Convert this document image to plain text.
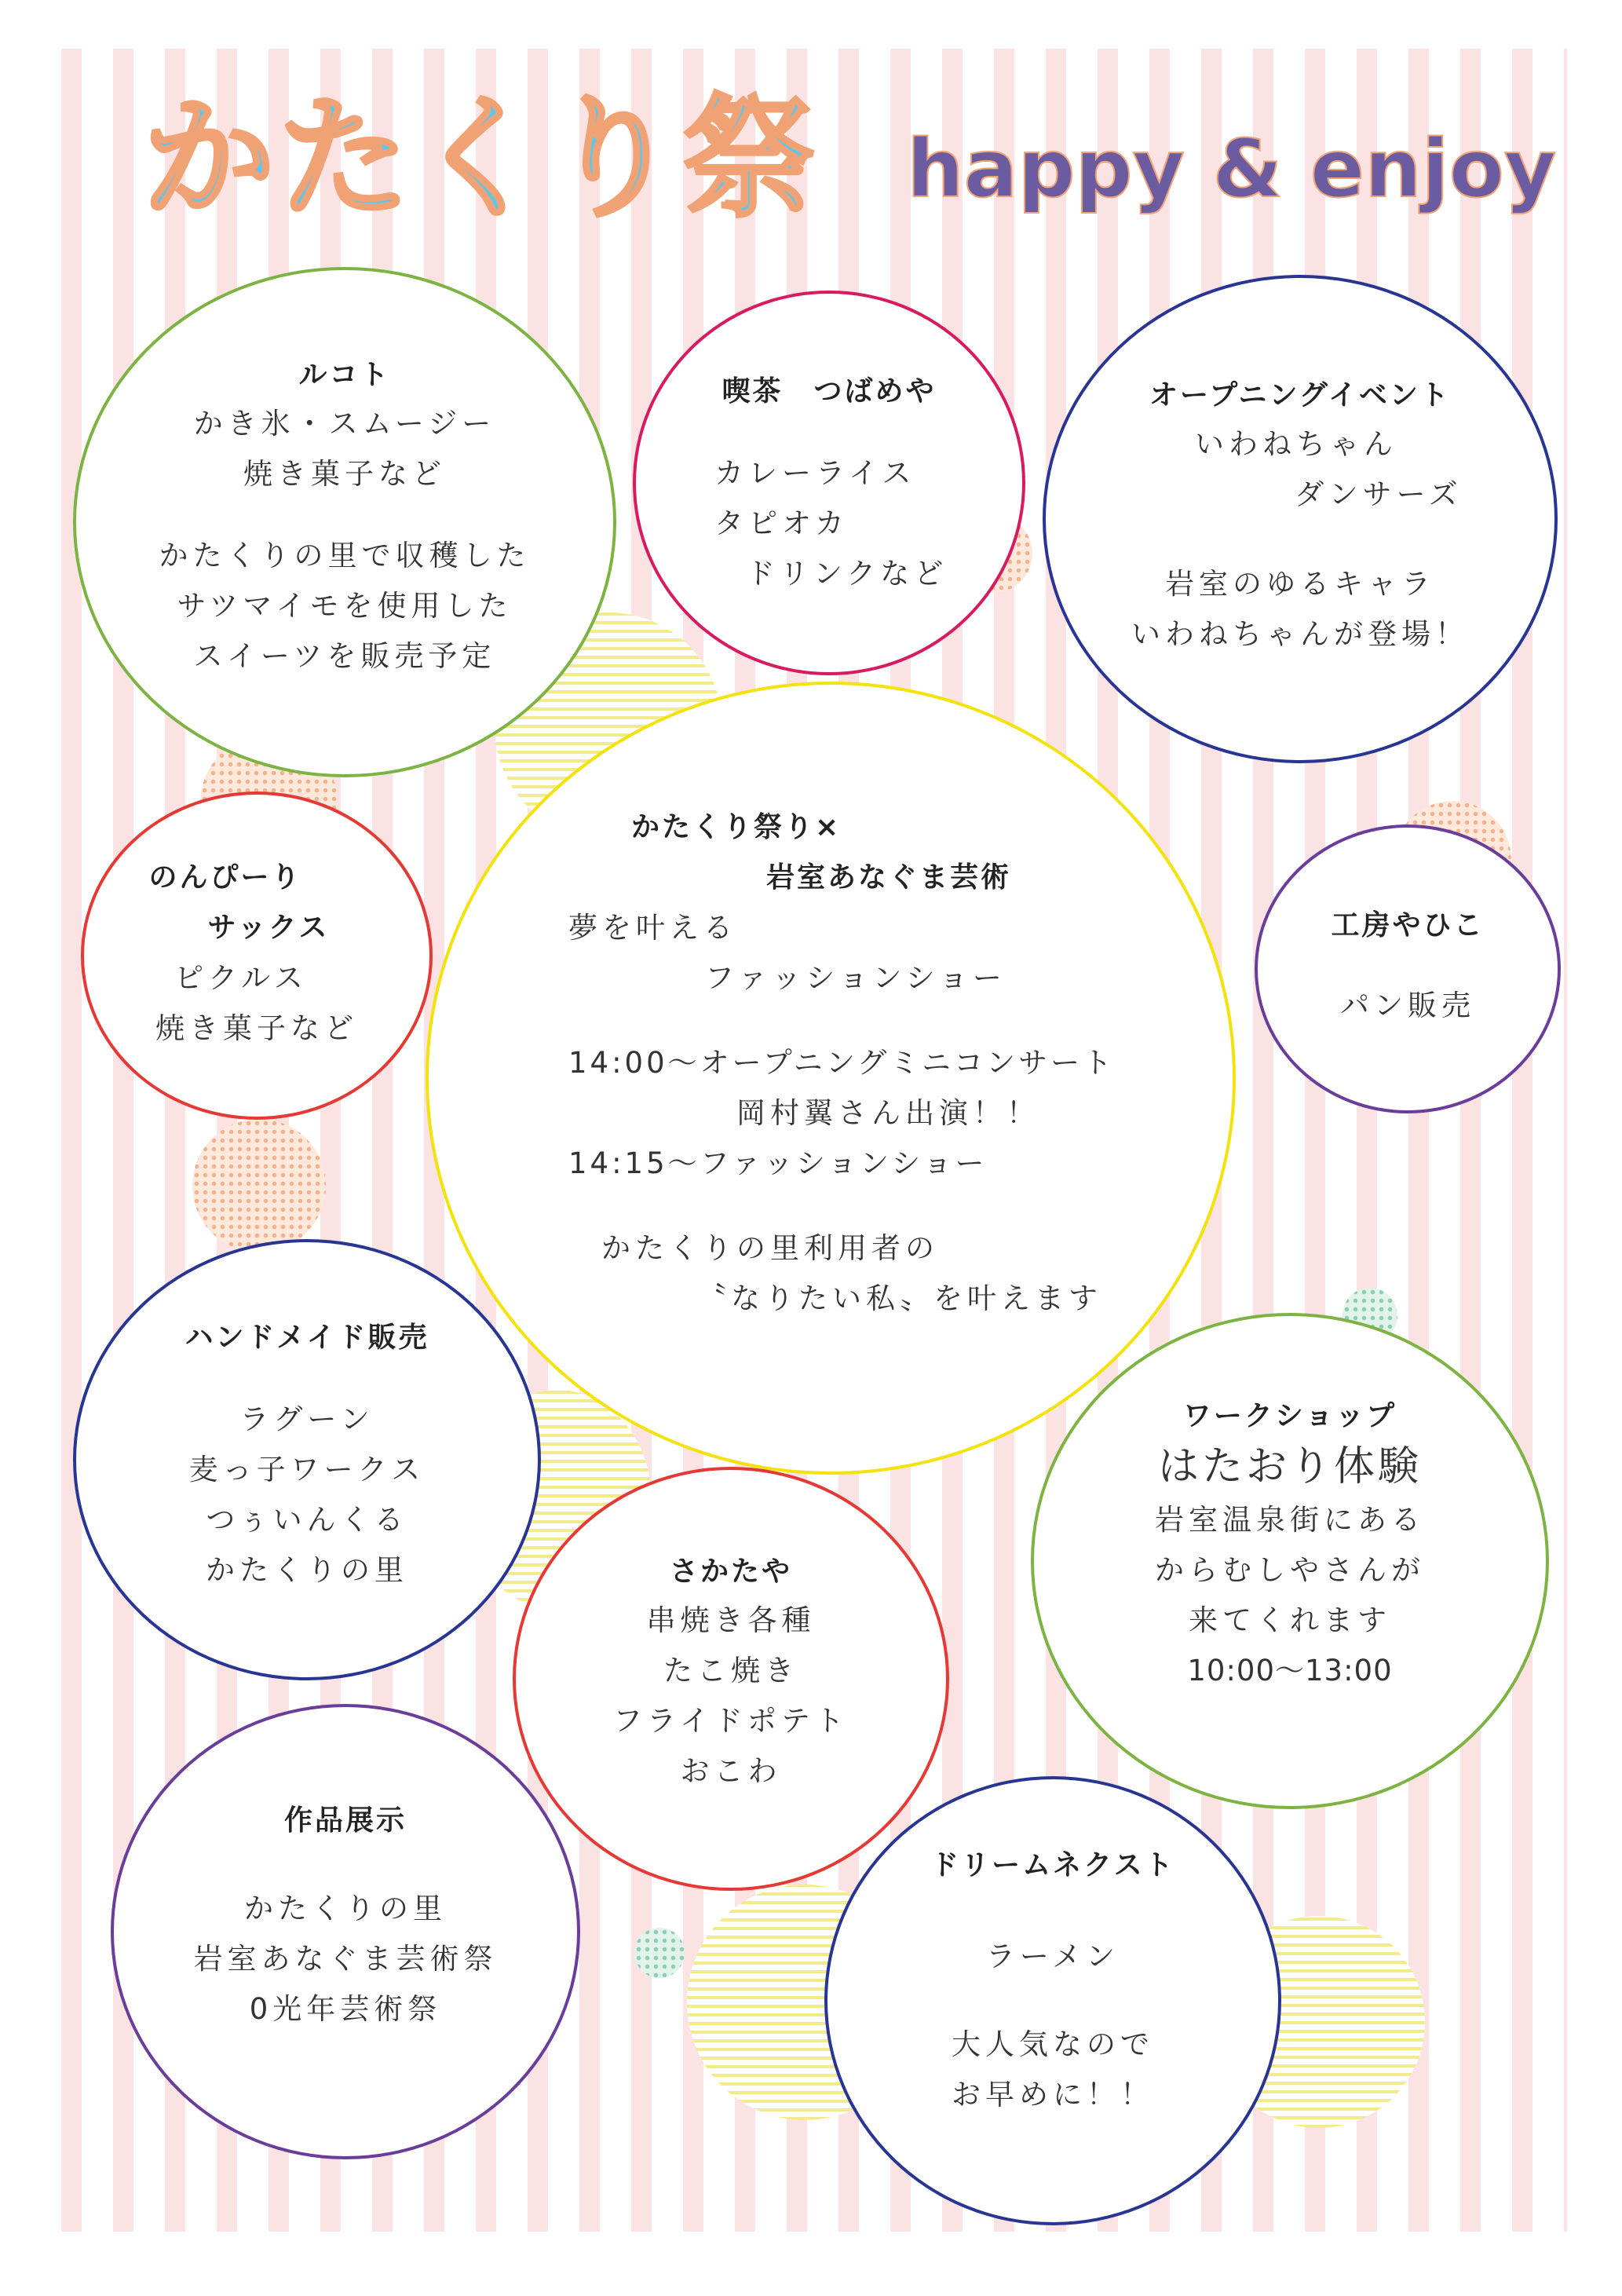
かたくり祭 happy & enjoy
ルコト
かき氷・スムージー
焼き菓子など
かたくりの里で収穫した
サツマイモを使用した
スイーツを販売予定
喫茶　つばめや
カレーライス
タピオカ
ドリンクなど
オープニングイベント
いわねちゃん
ダンサーズ
岩室のゆるキャラ
いわねちゃんが登場！
のんぴーり
サックス
ピクルス
焼き菓子など
かたくり祭り×
岩室あなぐま芸術
夢を叶える
ファッションショー
14:00～オープニングミニコンサート
岡村翼さん出演！！
14:15～ファッションショー
かたくりの里利用者の
〝なりたい私〟を叶えます
工房やひこ
パン販売
ハンドメイド販売
ラグーン
麦っ子ワークス
つぅいんくる
かたくりの里
ワークショップ
はたおり体験
岩室温泉街にある
からむしやさんが
来てくれます
10:00～13:00
さかたや
串焼き各種
たこ焼き
フライドポテト
おこわ
作品展示
かたくりの里
岩室あなぐま芸術祭
0光年芸術祭
ドリームネクスト
ラーメン
大人気なので
お早めに！！
